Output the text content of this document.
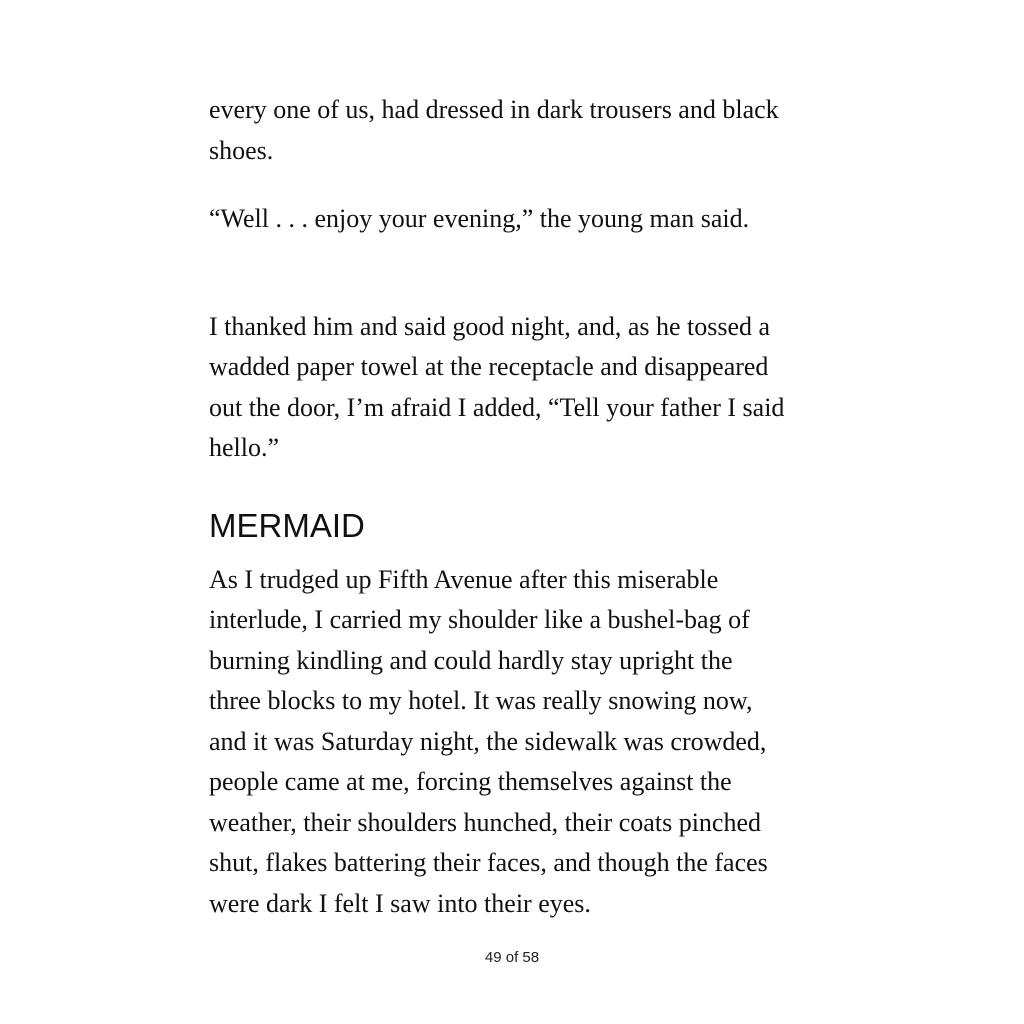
every one of us, had dressed in dark trousers and black
shoes.

“Well . . . enjoy your evening,” the young man said.

I thanked him and said good night, and, as he tossed a
wadded paper towel at the receptacle and disappeared
out the door, I’m afraid I added, “Tell your father I said
hello.”

MERMAID

As I trudged up Fifth Avenue after this miserable
interlude, I carried my shoulder like a bushel-bag of
burning kindling and could hardly stay upright the
three blocks to my hotel. It was really snowing now,
and it was Saturday night, the sidewalk was crowded,
people came at me, forcing themselves against the
weather, their shoulders hunched, their coats pinched
shut, flakes battering their faces, and though the faces
were dark I felt I saw into their eyes.

49 of 58
